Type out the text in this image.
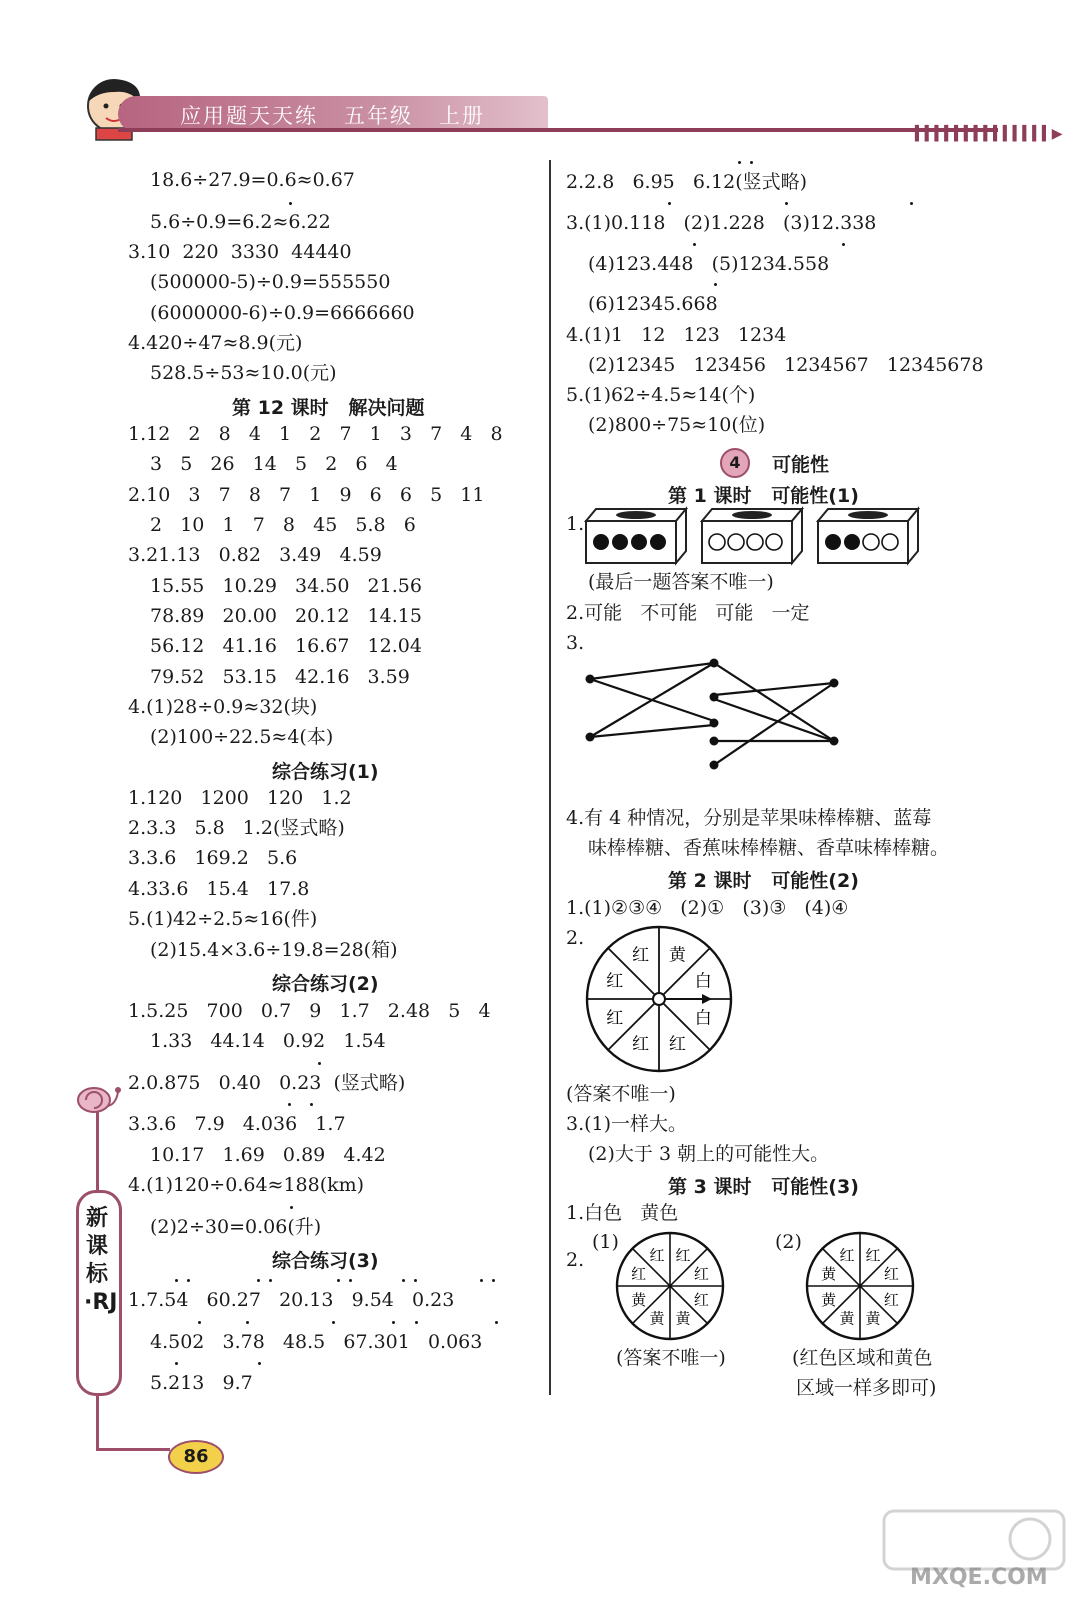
应用题天天练   五年级   上册
▍▍▍▍▍▍▍▍▍▍▍▍▍▍▶
新课标·RJ
86
18.6÷27.9=0.6≈0.67
5.6÷0.9=6.2≈6.22
3.10  220  3330  44440
(500000-5)÷0.9=555550
(6000000-6)÷0.9=6666660
4.420÷47≈8.9(元)
528.5÷53≈10.0(元)
第 12 课时   解决问题
1.12   2   8   4   1   2   7   1   3   7   4   8
3   5   26   14   5   2   6   4
2.10   3   7   8   7   1   9   6   6   5   11
2   10   1   7   8   45   5.8   6
3.21.13   0.82   3.49   4.59
15.55   10.29   34.50   21.56
78.89   20.00   20.12   14.15
56.12   41.16   16.67   12.04
79.52   53.15   42.16   3.59
4.(1)28÷0.9≈32(块)
(2)100÷22.5≈4(本)
综合练习(1)
1.120   1200   120   1.2
2.3.3   5.8   1.2(竖式略)
3.3.6   169.2   5.6
4.33.6   15.4   17.8
5.(1)42÷2.5≈16(件)
(2)15.4×3.6÷19.8=28(箱)
综合练习(2)
1.5.25   700   0.7   9   1.7   2.48   5   4
1.33   44.14   0.92   1.54
2.0.875   0.40   0.23  (竖式略)
3.3.6   7.9   4.036   1.7
10.17   1.69   0.89   4.42
4.(1)120÷0.64≈188(km)
(2)2÷30=0.06(升)
综合练习(3)
1.7.54   60.27   20.13   9.54   0.23
4.502   3.78   48.5   67.301   0.063
5.213   9.7
2.2.8   6.95   6.12(竖式略)
3.(1)0.118   (2)1.228   (3)12.338
(4)123.448   (5)1234.558
(6)12345.668
4.(1)1   12   123   1234
(2)12345   123456   1234567   12345678
5.(1)62÷4.5≈14(个)
(2)800÷75≈10(位)
4	可能性
第 1 课时   可能性(1)
1.
(最后一题答案不唯一)
2.可能   不可能   可能   一定
3.
4.有 4 种情况，分别是苹果味棒棒糖、蓝莓
味棒棒糖、香蕉味棒棒糖、香草味棒棒糖。
第 2 课时   可能性(2)
1.(1)②③④   (2)①   (3)③   (4)④
2.
黄
白
白
红
红
红
红
红
(答案不唯一)
3.(1)一样大。
(2)大于 3 朝上的可能性大。
第 3 课时   可能性(3)
1.白色   黄色
2.
(1)	(2)
红
红
红
黄
黄
黄
红
红	红
红
红
黄
黄
黄
黄
红
(答案不唯一)	(红色区域和黄色
区域一样多即可)
MXQE.COM
